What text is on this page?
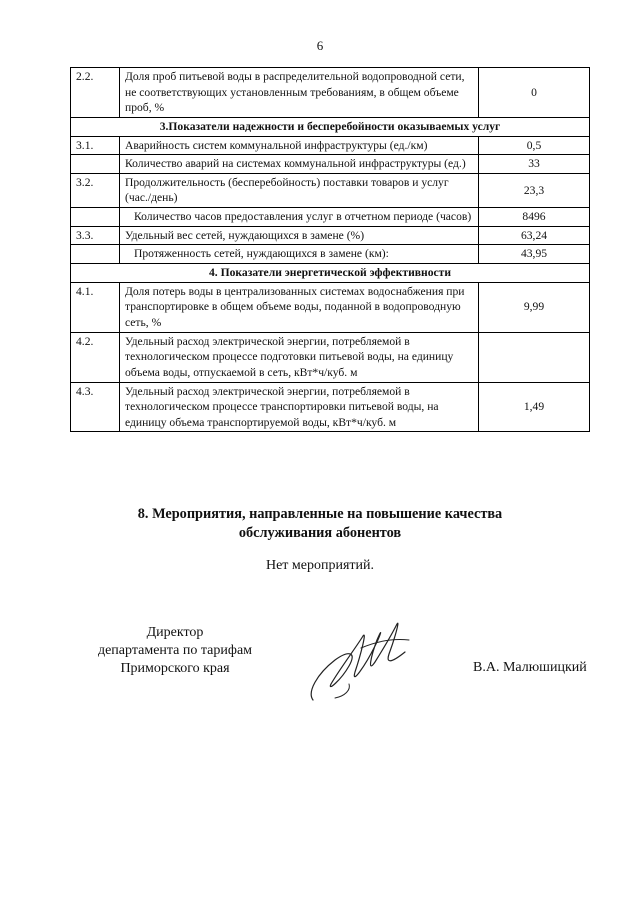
6
2.2.	Доля проб питьевой воды в распределительной водопроводной сети, не соответствующих установленным требованиям, в общем объеме проб, %	0
3.Показатели надежности и бесперебойности оказываемых услуг		
3.1.	Аварийность систем коммунальной инфраструктуры (ед./км)	0,5
	Количество аварий на системах коммунальной инфраструктуры (ед.)	33
3.2.	Продолжительность (бесперебойность) поставки товаров и услуг (час./день)	23,3
	Количество часов предоставления услуг в отчетном периоде (часов)	8496
3.3.	Удельный вес сетей, нуждающихся в замене (%)	63,24
	Протяженность сетей, нуждающихся в замене (км):	43,95
4. Показатели энергетической эффективности		
4.1.	Доля потерь воды в централизованных системах водоснабжения при транспортировке в общем объеме воды, поданной в водопроводную сеть, %	9,99
4.2.	Удельный расход электрической энергии, потребляемой в технологическом процессе подготовки питьевой воды, на единицу объема воды, отпускаемой в сеть, кВт*ч/куб. м	
4.3.	Удельный расход электрической энергии, потребляемой в технологическом процессе транспортировки питьевой воды, на единицу объема транспортируемой воды, кВт*ч/куб. м	1,49
8. Мероприятия, направленные на повышение качества
обслуживания абонентов
Нет мероприятий.
Директор
департамента по тарифам
Приморского края	В.А. Малюшицкий
